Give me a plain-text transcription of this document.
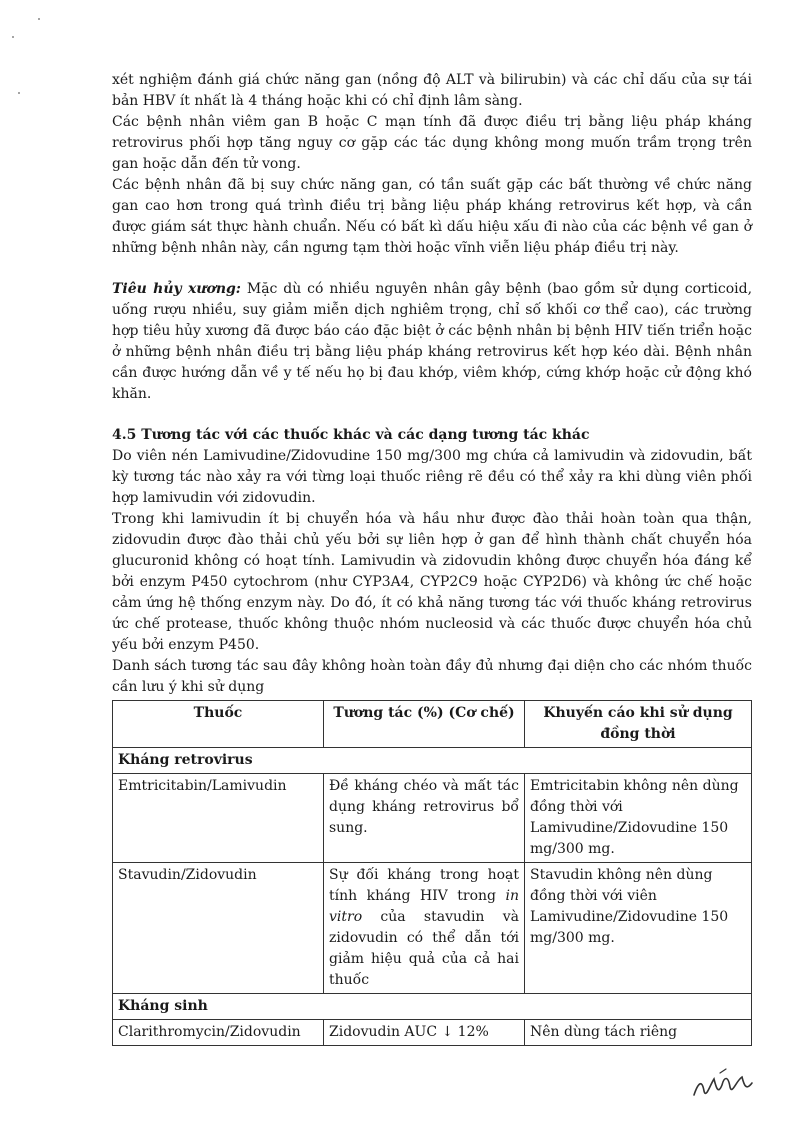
xét nghiệm đánh giá chức năng gan (nồng độ ALT và bilirubin) và các chỉ dấu của sự tái bản HBV ít nhất là 4 tháng hoặc khi có chỉ định lâm sàng.

Các bệnh nhân viêm gan B hoặc C mạn tính đã được điều trị bằng liệu pháp kháng retrovirus phối hợp tăng nguy cơ gặp các tác dụng không mong muốn trầm trọng trên gan hoặc dẫn đến tử vong.

Các bệnh nhân đã bị suy chức năng gan, có tần suất gặp các bất thường về chức năng gan cao hơn trong quá trình điều trị bằng liệu pháp kháng retrovirus kết hợp, và cần được giám sát thực hành chuẩn. Nếu có bất kì dấu hiệu xấu đi nào của các bệnh về gan ở những bệnh nhân này, cần ngưng tạm thời hoặc vĩnh viễn liệu pháp điều trị này.

Tiêu hủy xương: Mặc dù có nhiều nguyên nhân gây bệnh (bao gồm sử dụng corticoid, uống rượu nhiều, suy giảm miễn dịch nghiêm trọng, chỉ số khối cơ thể cao), các trường hợp tiêu hủy xương đã được báo cáo đặc biệt ở các bệnh nhân bị bệnh HIV tiến triển hoặc ở những bệnh nhân điều trị bằng liệu pháp kháng retrovirus kết hợp kéo dài. Bệnh nhân cần được hướng dẫn về y tế nếu họ bị đau khớp, viêm khớp, cứng khớp hoặc cử động khó khăn.

4.5 Tương tác với các thuốc khác và các dạng tương tác khác

Do viên nén Lamivudine/Zidovudine 150 mg/300 mg chứa cả lamivudin và zidovudin, bất kỳ tương tác nào xảy ra với từng loại thuốc riêng rẽ đều có thể xảy ra khi dùng viên phối hợp lamivudin với zidovudin.

Trong khi lamivudin ít bị chuyển hóa và hầu như được đào thải hoàn toàn qua thận, zidovudin được đào thải chủ yếu bởi sự liên hợp ở gan để hình thành chất chuyển hóa glucuronid không có hoạt tính. Lamivudin và zidovudin không được chuyển hóa đáng kể bởi enzym P450 cytochrom (như CYP3A4, CYP2C9 hoặc CYP2D6) và không ức chế hoặc cảm ứng hệ thống enzym này. Do đó, ít có khả năng tương tác với thuốc kháng retrovirus ức chế protease, thuốc không thuộc nhóm nucleosid và các thuốc được chuyển hóa chủ yếu bởi enzym P450.

Danh sách tương tác sau đây không hoàn toàn đầy đủ nhưng đại diện cho các nhóm thuốc cần lưu ý khi sử dụng

Thuốc	Tương tác (%) (Cơ chế)	Khuyến cáo khi sử dụng đồng thời
Kháng retrovirus		
Emtricitabin/Lamivudin	Đề kháng chéo và mất tác dụng kháng retrovirus bổ sung.	Emtricitabin không nên dùng đồng thời với Lamivudine/Zidovudine 150 mg/300 mg.
Stavudin/Zidovudin	Sự đối kháng trong hoạt tính kháng HIV trong in vitro của stavudin và zidovudin có thể dẫn tới giảm hiệu quả của cả hai thuốc	Stavudin không nên dùng đồng thời với viên Lamivudine/Zidovudine 150 mg/300 mg.
Kháng sinh		
Clarithromycin/Zidovudin	Zidovudin AUC ↓ 12%	Nên dùng tách riêng
